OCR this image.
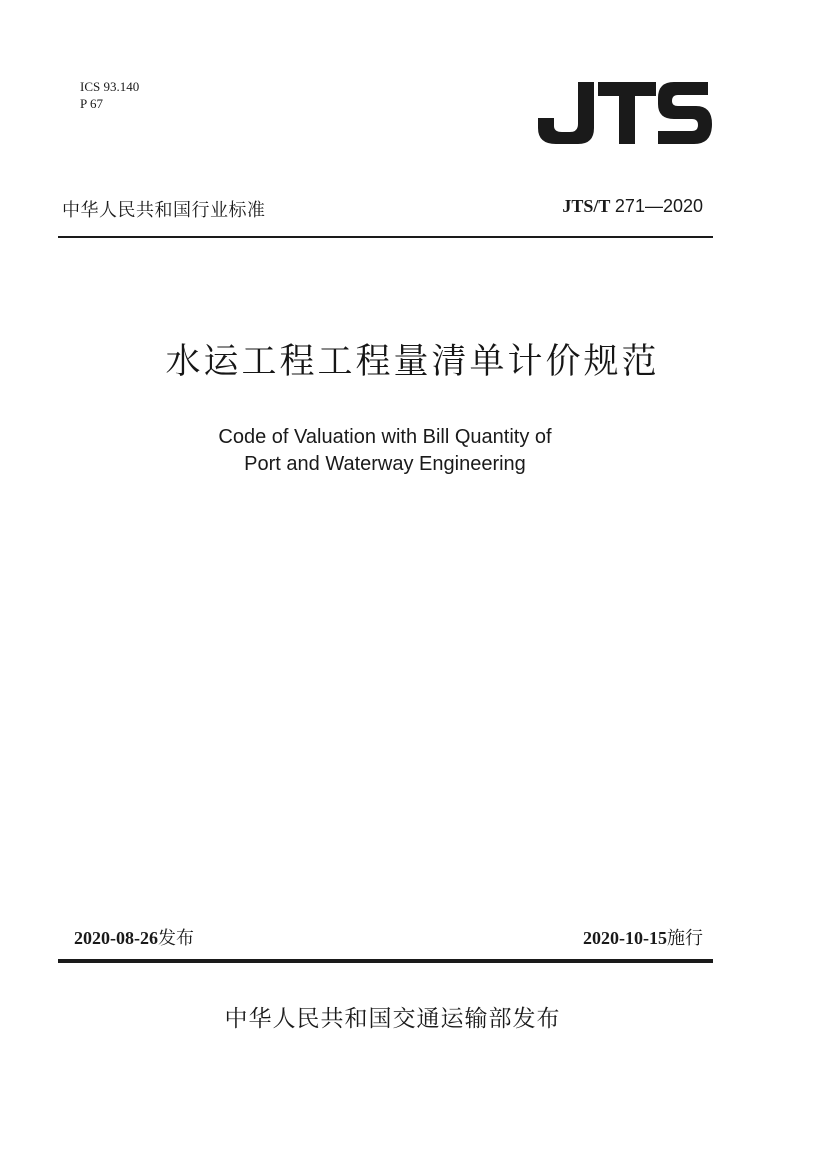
ICS 93.140
P 67
中华人民共和国行业标准	JTS/T 271—2020
水运工程工程量清单计价规范
Code of Valuation with Bill Quantity of
Port and Waterway Engineering
2020-08-26发布	2020-10-15施行
中华人民共和国交通运输部发布
